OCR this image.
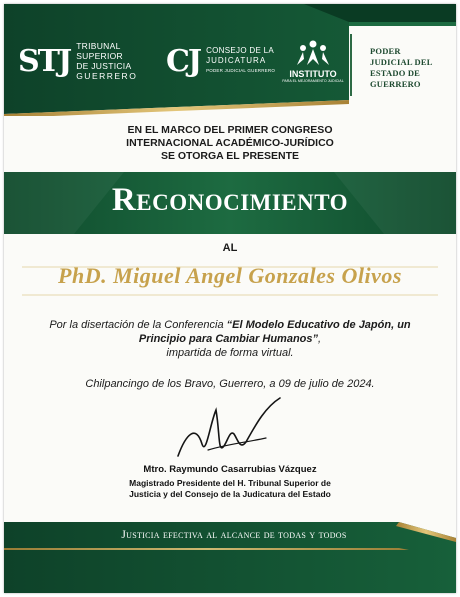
STJ TRIBUNAL
SUPERIOR
DE JUSTICIA
GUERRERO CJ CONSEJO DE LA
JUDICATURA
PODER JUDICIAL GUERRERO INSTITUTO
PARA EL MEJORAMIENTO JUDICIAL
PODER
JUDICIAL DEL
ESTADO DE
GUERRERO
EN EL MARCO DEL PRIMER CONGRESO
INTERNACIONAL ACADÉMICO-JURÍDICO
SE OTORGA EL PRESENTE
Reconocimiento
AL
PhD. Miguel Angel Gonzales Olivos
Por la disertación de la Conferencia “El Modelo Educativo de Japón, un Principio para Cambiar Humanos”,
impartida de forma virtual.
Chilpancingo de los Bravo, Guerrero, a 09 de julio de 2024.
Mtro. Raymundo Casarrubias Vázquez
Magistrado Presidente del H. Tribunal Superior de
Justicia y del Consejo de la Judicatura del Estado
Justicia efectiva al alcance de todas y todos
